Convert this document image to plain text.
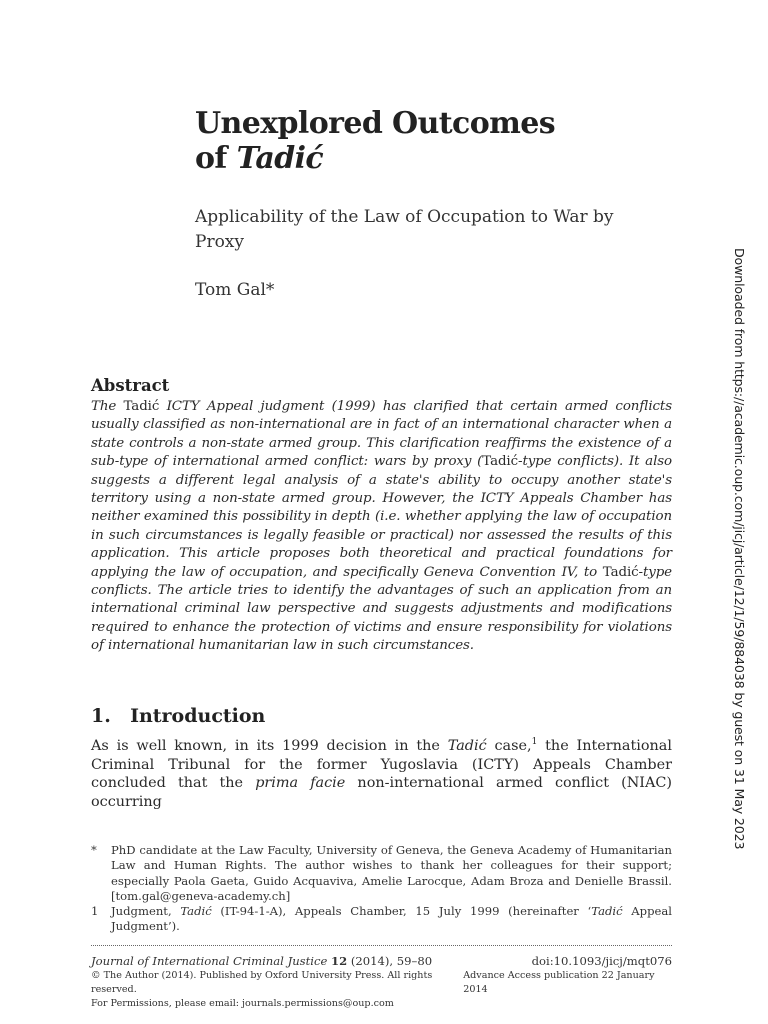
Unexplored Outcomes
of Tadić
Applicability of the Law of Occupation to War by Proxy
Tom Gal*
Abstract

The Tadić ICTY Appeal judgment (1999) has clarified that certain armed conflicts usually classified as non-international are in fact of an international character when a state controls a non-state armed group. This clarification reaffirms the existence of a sub-type of international armed conflict: wars by proxy (Tadić-type conflicts). It also suggests a different legal analysis of a state's ability to occupy another state's territory using a non-state armed group. However, the ICTY Appeals Chamber has neither examined this possibility in depth (i.e. whether applying the law of occupation in such circumstances is legally feasible or practical) nor assessed the results of this application. This article proposes both theoretical and practical foundations for applying the law of occupation, and specifically Geneva Convention IV, to Tadić-type conflicts. The article tries to identify the advantages of such an application from an international criminal law perspective and suggests adjustments and modifications required to enhance the protection of victims and ensure responsibility for violations of international humanitarian law in such circumstances.

1.  Introduction

As is well known, in its 1999 decision in the Tadić case,$^1$ the International Criminal Tribunal for the former Yugoslavia (ICTY) Appeals Chamber concluded that the prima facie non-international armed conflict (NIAC) occurring

*	PhD candidate at the Law Faculty, University of Geneva, the Geneva Academy of Humanitarian Law and Human Rights. The author wishes to thank her colleagues for their support; especially Paola Gaeta, Guido Acquaviva, Amelie Larocque, Adam Broza and Denielle Brassil. [tom.gal@geneva-academy.ch]
1	Judgment, Tadić (IT-94-1-A), Appeals Chamber, 15 July 1999 (hereinafter ‘Tadić Appeal Judgment’).
Journal of International Criminal Justice 12 (2014), 59–80	doi:10.1093/jicj/mqt076
© The Author (2014). Published by Oxford University Press. All rights reserved.
Advance Access publication 22 January 2014
For Permissions, please email: journals.permissions@oup.com
Downloaded from https://academic.oup.com/jicj/article/12/1/59/884038 by guest on 31 May 2023
